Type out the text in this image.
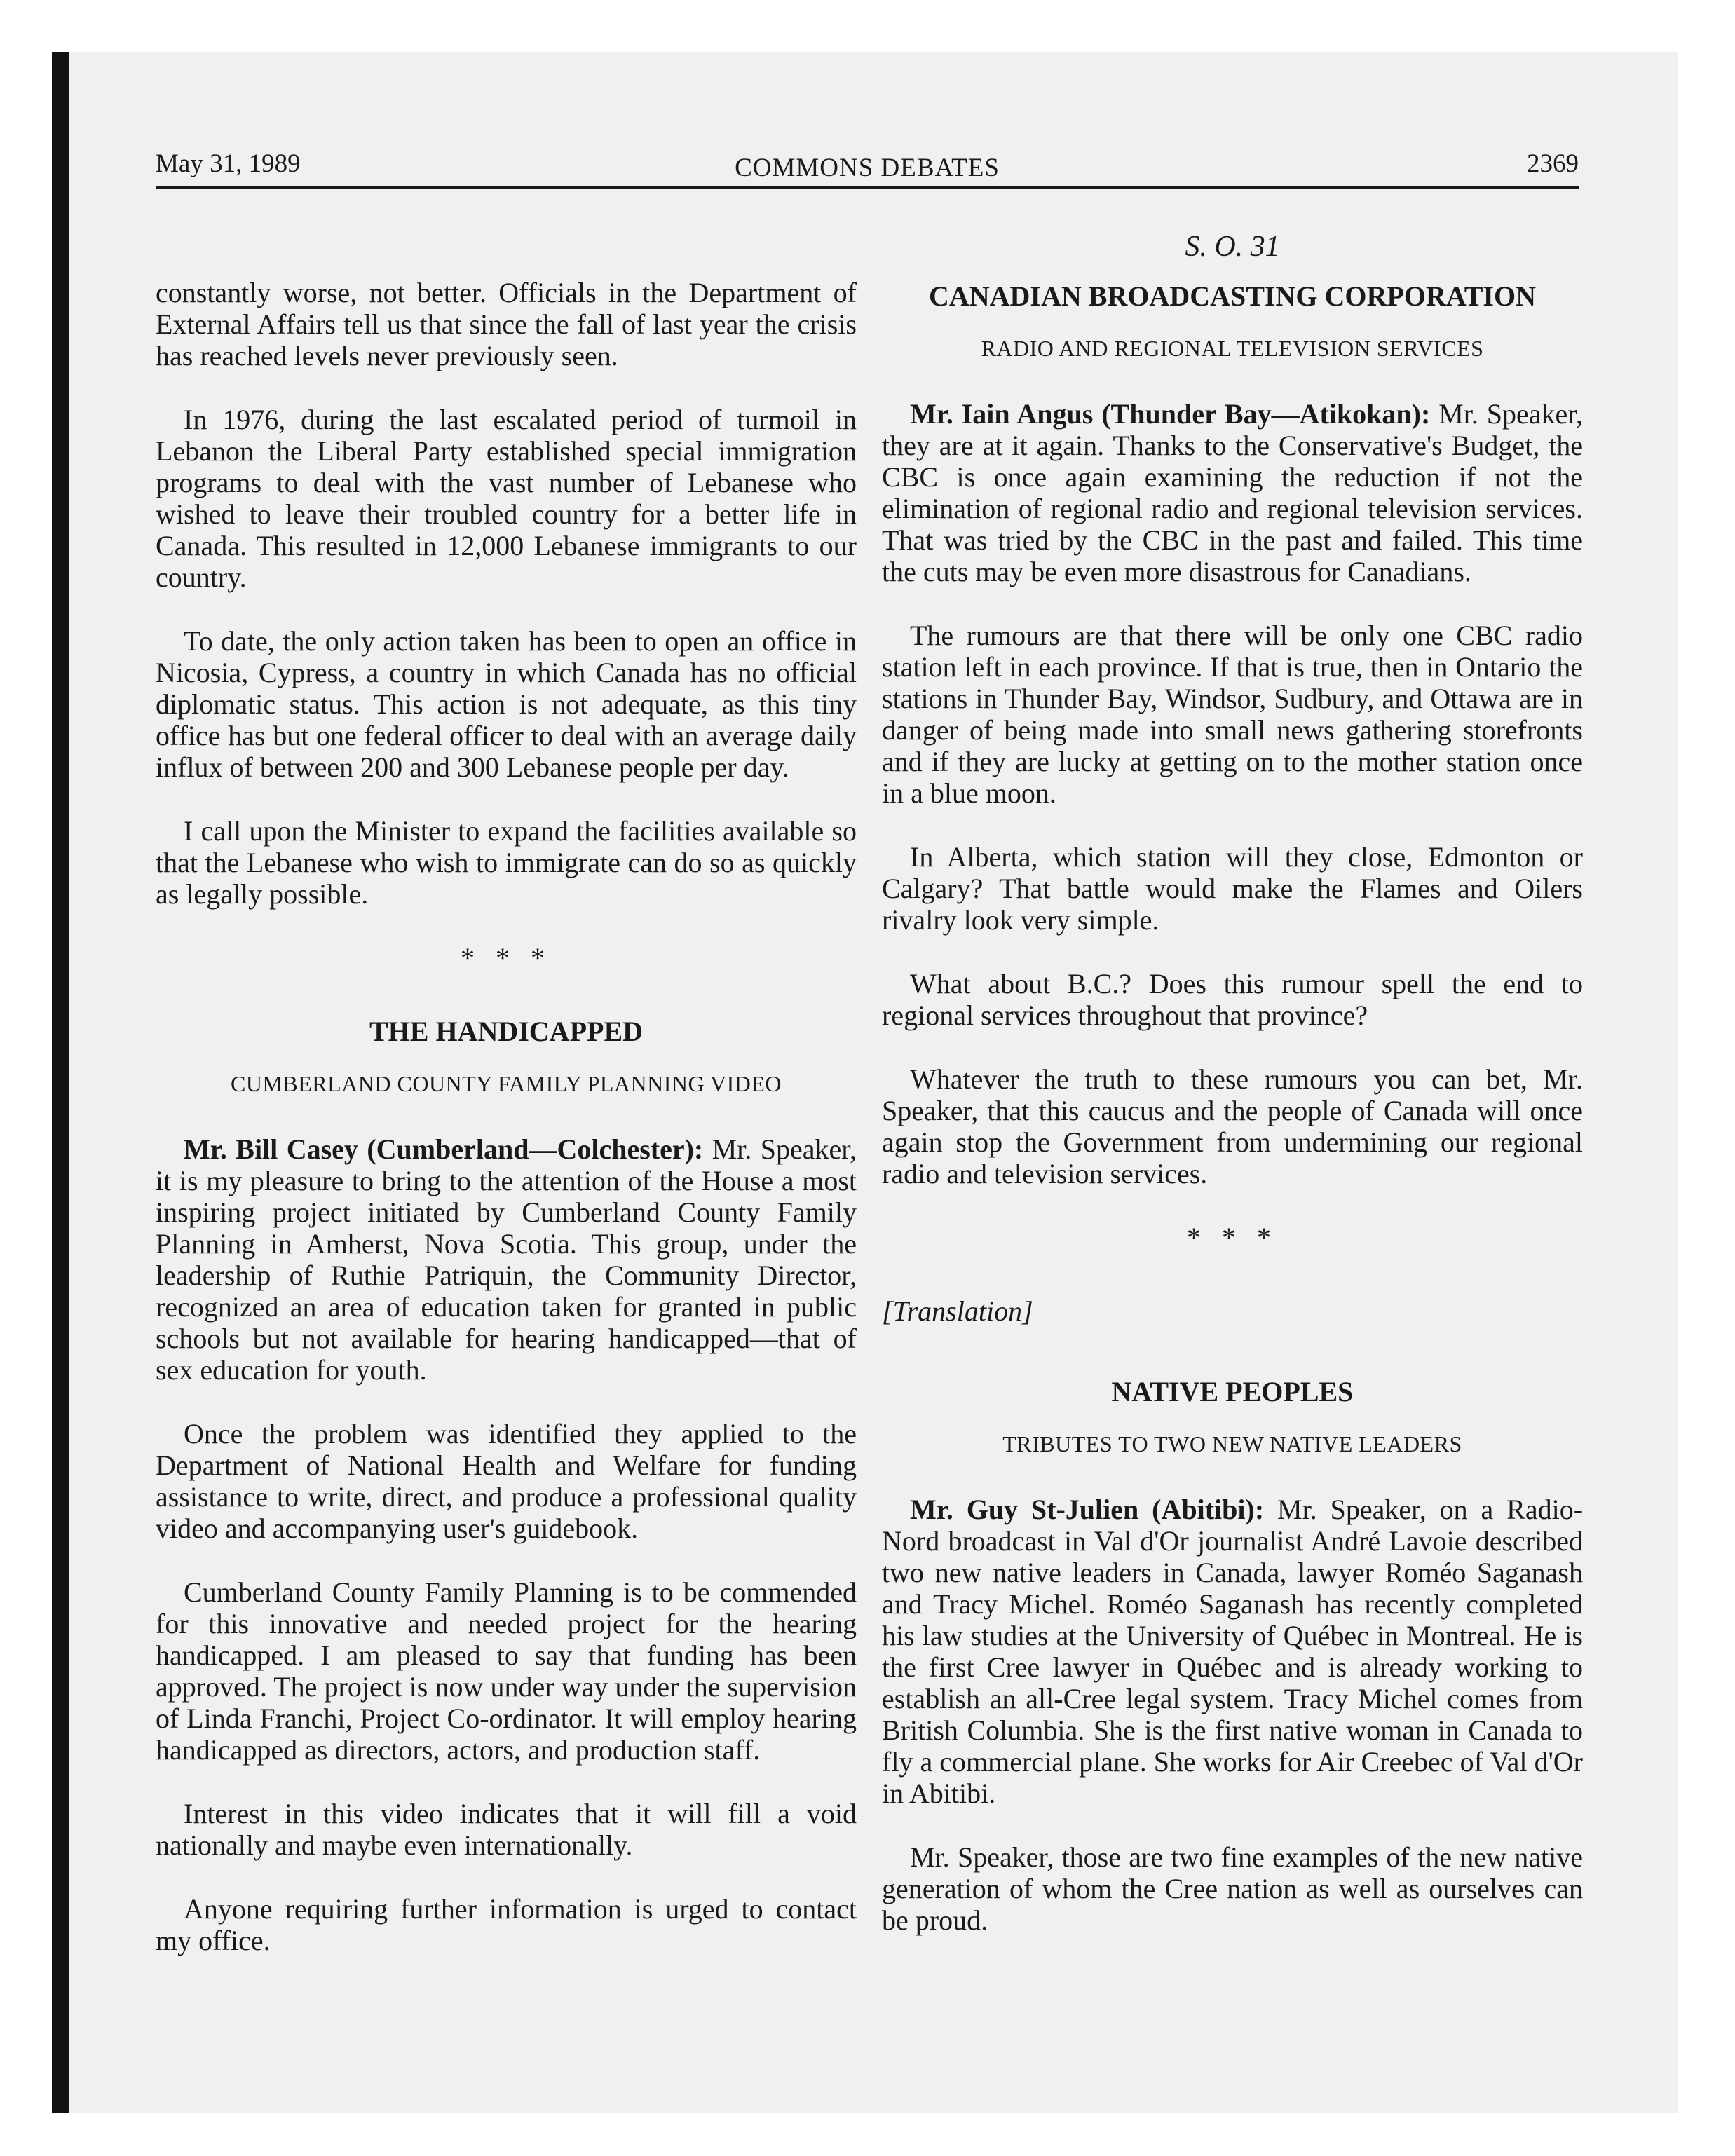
May 31, 1989	COMMONS DEBATES	2369

constantly worse, not better. Officials in the Department of External Affairs tell us that since the fall of last year the crisis has reached levels never previously seen.

In 1976, during the last escalated period of turmoil in Lebanon the Liberal Party established special immigration programs to deal with the vast number of Lebanese who wished to leave their troubled country for a better life in Canada. This resulted in 12,000 Lebanese immigrants to our country.

To date, the only action taken has been to open an office in Nicosia, Cypress, a country in which Canada has no official diplomatic status. This action is not adequate, as this tiny office has but one federal officer to deal with an average daily influx of between 200 and 300 Lebanese people per day.

I call upon the Minister to expand the facilities available so that the Lebanese who wish to immigrate can do so as quickly as legally possible.

* * *
THE HANDICAPPED
CUMBERLAND COUNTY FAMILY PLANNING VIDEO

Mr. Bill Casey (Cumberland—Colchester): Mr. Speaker, it is my pleasure to bring to the attention of the House a most inspiring project initiated by Cumberland County Family Planning in Amherst, Nova Scotia. This group, under the leadership of Ruthie Patriquin, the Community Director, recognized an area of education taken for granted in public schools but not available for hearing handicapped—that of sex education for youth.

Once the problem was identified they applied to the Department of National Health and Welfare for funding assistance to write, direct, and produce a professional quality video and accompanying user's guidebook.

Cumberland County Family Planning is to be commended for this innovative and needed project for the hearing handicapped. I am pleased to say that funding has been approved. The project is now under way under the supervision of Linda Franchi, Project Co-ordinator. It will employ hearing handicapped as directors, actors, and production staff.

Interest in this video indicates that it will fill a void nationally and maybe even internationally.

Anyone requiring further information is urged to contact my office.

S. O. 31
CANADIAN BROADCASTING CORPORATION
RADIO AND REGIONAL TELEVISION SERVICES

Mr. Iain Angus (Thunder Bay—Atikokan): Mr. Speaker, they are at it again. Thanks to the Conservative's Budget, the CBC is once again examining the reduction if not the elimination of regional radio and regional television services. That was tried by the CBC in the past and failed. This time the cuts may be even more disastrous for Canadians.

The rumours are that there will be only one CBC radio station left in each province. If that is true, then in Ontario the stations in Thunder Bay, Windsor, Sudbury, and Ottawa are in danger of being made into small news gathering storefronts and if they are lucky at getting on to the mother station once in a blue moon.

In Alberta, which station will they close, Edmonton or Calgary? That battle would make the Flames and Oilers rivalry look very simple.

What about B.C.? Does this rumour spell the end to regional services throughout that province?

Whatever the truth to these rumours you can bet, Mr. Speaker, that this caucus and the people of Canada will once again stop the Government from undermining our regional radio and television services.

* * *
[Translation]
NATIVE PEOPLES
TRIBUTES TO TWO NEW NATIVE LEADERS

Mr. Guy St-Julien (Abitibi): Mr. Speaker, on a Radio-Nord broadcast in Val d'Or journalist André Lavoie described two new native leaders in Canada, lawyer Roméo Saganash and Tracy Michel. Roméo Saganash has recently completed his law studies at the University of Québec in Montreal. He is the first Cree lawyer in Québec and is already working to establish an all-Cree legal system. Tracy Michel comes from British Columbia. She is the first native woman in Canada to fly a commercial plane. She works for Air Creebec of Val d'Or in Abitibi.

Mr. Speaker, those are two fine examples of the new native generation of whom the Cree nation as well as ourselves can be proud.
